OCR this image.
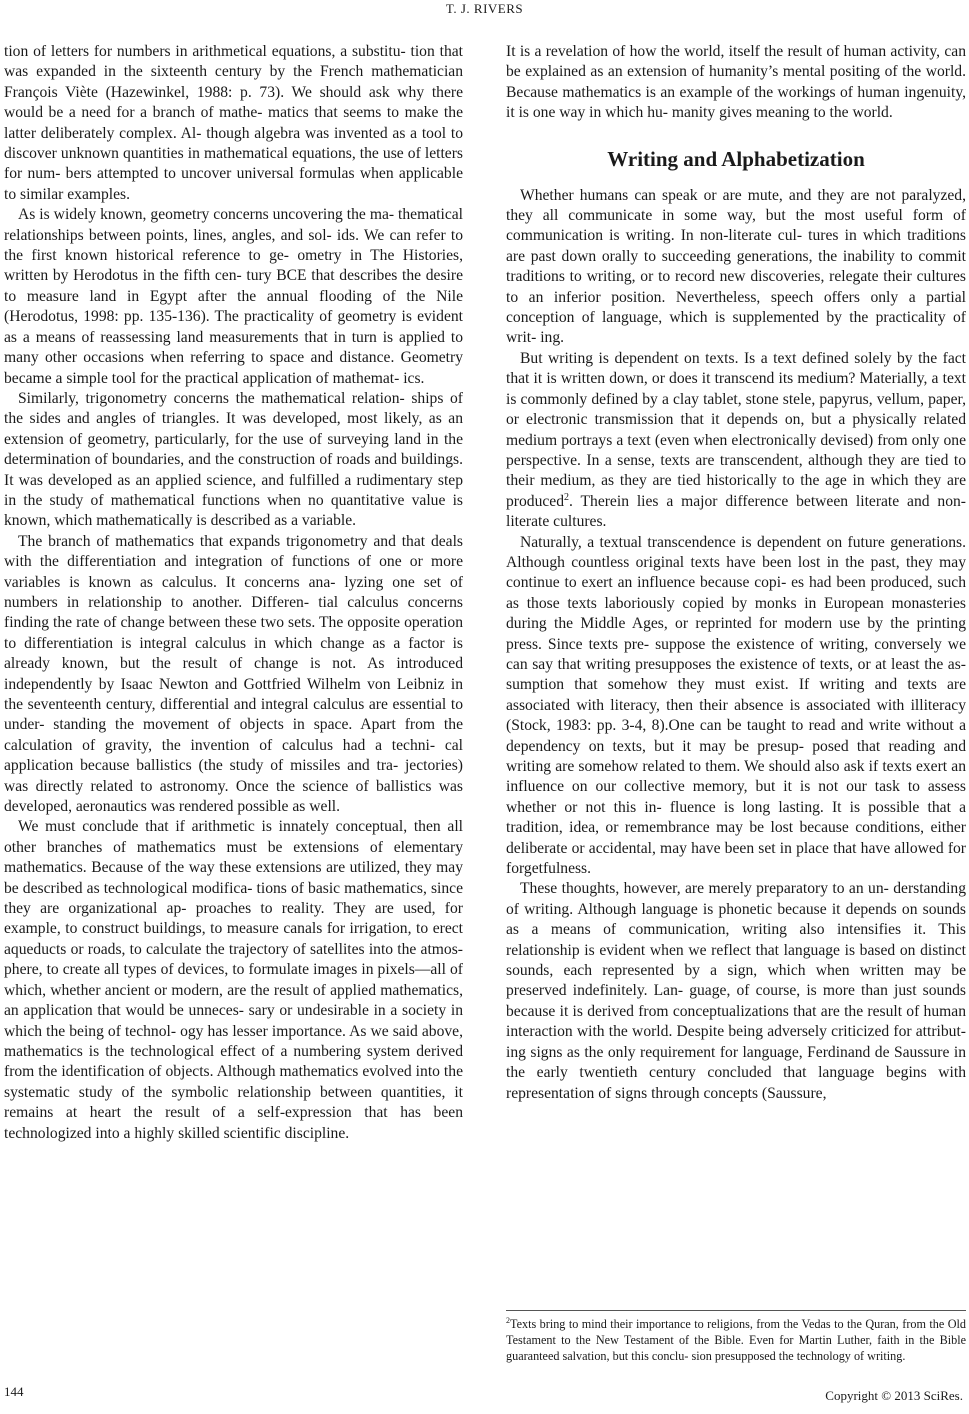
T. J. RIVERS

tion of letters for numbers in arithmetical equations, a substitu- tion that was expanded in the sixteenth century by the French mathematician François Viète (Hazewinkel, 1988: p. 73). We should ask why there would be a need for a branch of mathe- matics that seems to make the latter deliberately complex. Al- though algebra was invented as a tool to discover unknown quantities in mathematical equations, the use of letters for num- bers attempted to uncover universal formulas when applicable to similar examples.

As is widely known, geometry concerns uncovering the ma- thematical relationships between points, lines, angles, and sol- ids. We can refer to the first known historical reference to ge- ometry in The Histories, written by Herodotus in the fifth cen- tury BCE that describes the desire to measure land in Egypt after the annual flooding of the Nile (Herodotus, 1998: pp. 135-136). The practicality of geometry is evident as a means of reassessing land measurements that in turn is applied to many other occasions when referring to space and distance. Geometry became a simple tool for the practical application of mathemat- ics.

Similarly, trigonometry concerns the mathematical relation- ships of the sides and angles of triangles. It was developed, most likely, as an extension of geometry, particularly, for the use of surveying land in the determination of boundaries, and the construction of roads and buildings. It was developed as an applied science, and fulfilled a rudimentary step in the study of mathematical functions when no quantitative value is known, which mathematically is described as a variable.

The branch of mathematics that expands trigonometry and that deals with the differentiation and integration of functions of one or more variables is known as calculus. It concerns ana- lyzing one set of numbers in relationship to another. Differen- tial calculus concerns finding the rate of change between these two sets. The opposite operation to differentiation is integral calculus in which change as a factor is already known, but the result of change is not. As introduced independently by Isaac Newton and Gottfried Wilhelm von Leibniz in the seventeenth century, differential and integral calculus are essential to under- standing the movement of objects in space. Apart from the calculation of gravity, the invention of calculus had a techni- cal application because ballistics (the study of missiles and tra- jectories) was directly related to astronomy. Once the science of ballistics was developed, aeronautics was rendered possible as well.

We must conclude that if arithmetic is innately conceptual, then all other branches of mathematics must be extensions of elementary mathematics. Because of the way these extensions are utilized, they may be described as technological modifica- tions of basic mathematics, since they are organizational ap- proaches to reality. They are used, for example, to construct buildings, to measure canals for irrigation, to erect aqueducts or roads, to calculate the trajectory of satellites into the atmos- phere, to create all types of devices, to formulate images in pixels—all of which, whether ancient or modern, are the result of applied mathematics, an application that would be unneces- sary or undesirable in a society in which the being of technol- ogy has lesser importance. As we said above, mathematics is the technological effect of a numbering system derived from the identification of objects. Although mathematics evolved into the systematic study of the symbolic relationship between quantities, it remains at heart the result of a self-expression that has been technologized into a highly skilled scientific discipline.

It is a revelation of how the world, itself the result of human activity, can be explained as an extension of humanity’s mental positing of the world. Because mathematics is an example of the workings of human ingenuity, it is one way in which hu- manity gives meaning to the world.

Writing and Alphabetization

Whether humans can speak or are mute, and they are not paralyzed, they all communicate in some way, but the most useful form of communication is writing. In non-literate cul- tures in which traditions are past down orally to succeeding generations, the inability to commit traditions to writing, or to record new discoveries, relegate their cultures to an inferior position. Nevertheless, speech offers only a partial conception of language, which is supplemented by the practicality of writ- ing.

But writing is dependent on texts. Is a text defined solely by the fact that it is written down, or does it transcend its medium? Materially, a text is commonly defined by a clay tablet, stone stele, papyrus, vellum, paper, or electronic transmission that it depends on, but a physically related medium portrays a text (even when electronically devised) from only one perspective. In a sense, texts are transcendent, although they are tied to their medium, as they are tied historically to the age in which they are produced$^2$. Therein lies a major difference between literate and non-literate cultures.

Naturally, a textual transcendence is dependent on future generations. Although countless original texts have been lost in the past, they may continue to exert an influence because copi- es had been produced, such as those texts laboriously copied by monks in European monasteries during the Middle Ages, or reprinted for modern use by the printing press. Since texts pre- suppose the existence of writing, conversely we can say that writing presupposes the existence of texts, or at least the as- sumption that somehow they must exist. If writing and texts are associated with literacy, then their absence is associated with illiteracy (Stock, 1983: pp. 3-4, 8).One can be taught to read and write without a dependency on texts, but it may be presup- posed that reading and writing are somehow related to them. We should also ask if texts exert an influence on our collective memory, but it is not our task to assess whether or not this in- fluence is long lasting. It is possible that a tradition, idea, or remembrance may be lost because conditions, either deliberate or accidental, may have been set in place that have allowed for forgetfulness.

These thoughts, however, are merely preparatory to an un- derstanding of writing. Although language is phonetic because it depends on sounds as a means of communication, writing also intensifies it. This relationship is evident when we reflect that language is based on distinct sounds, each represented by a sign, which when written may be preserved indefinitely. Lan- guage, of course, is more than just sounds because it is derived from conceptualizations that are the result of human interaction with the world. Despite being adversely criticized for attribut- ing signs as the only requirement for language, Ferdinand de Saussure in the early twentieth century concluded that language begins with representation of signs through concepts (Saussure,

$^2$Texts bring to mind their importance to religions, from the Vedas to the Quran, from the Old Testament to the New Testament of the Bible. Even for Martin Luther, faith in the Bible guaranteed salvation, but this conclu- sion presupposed the technology of writing.
144	Copyright © 2013 SciRes.
